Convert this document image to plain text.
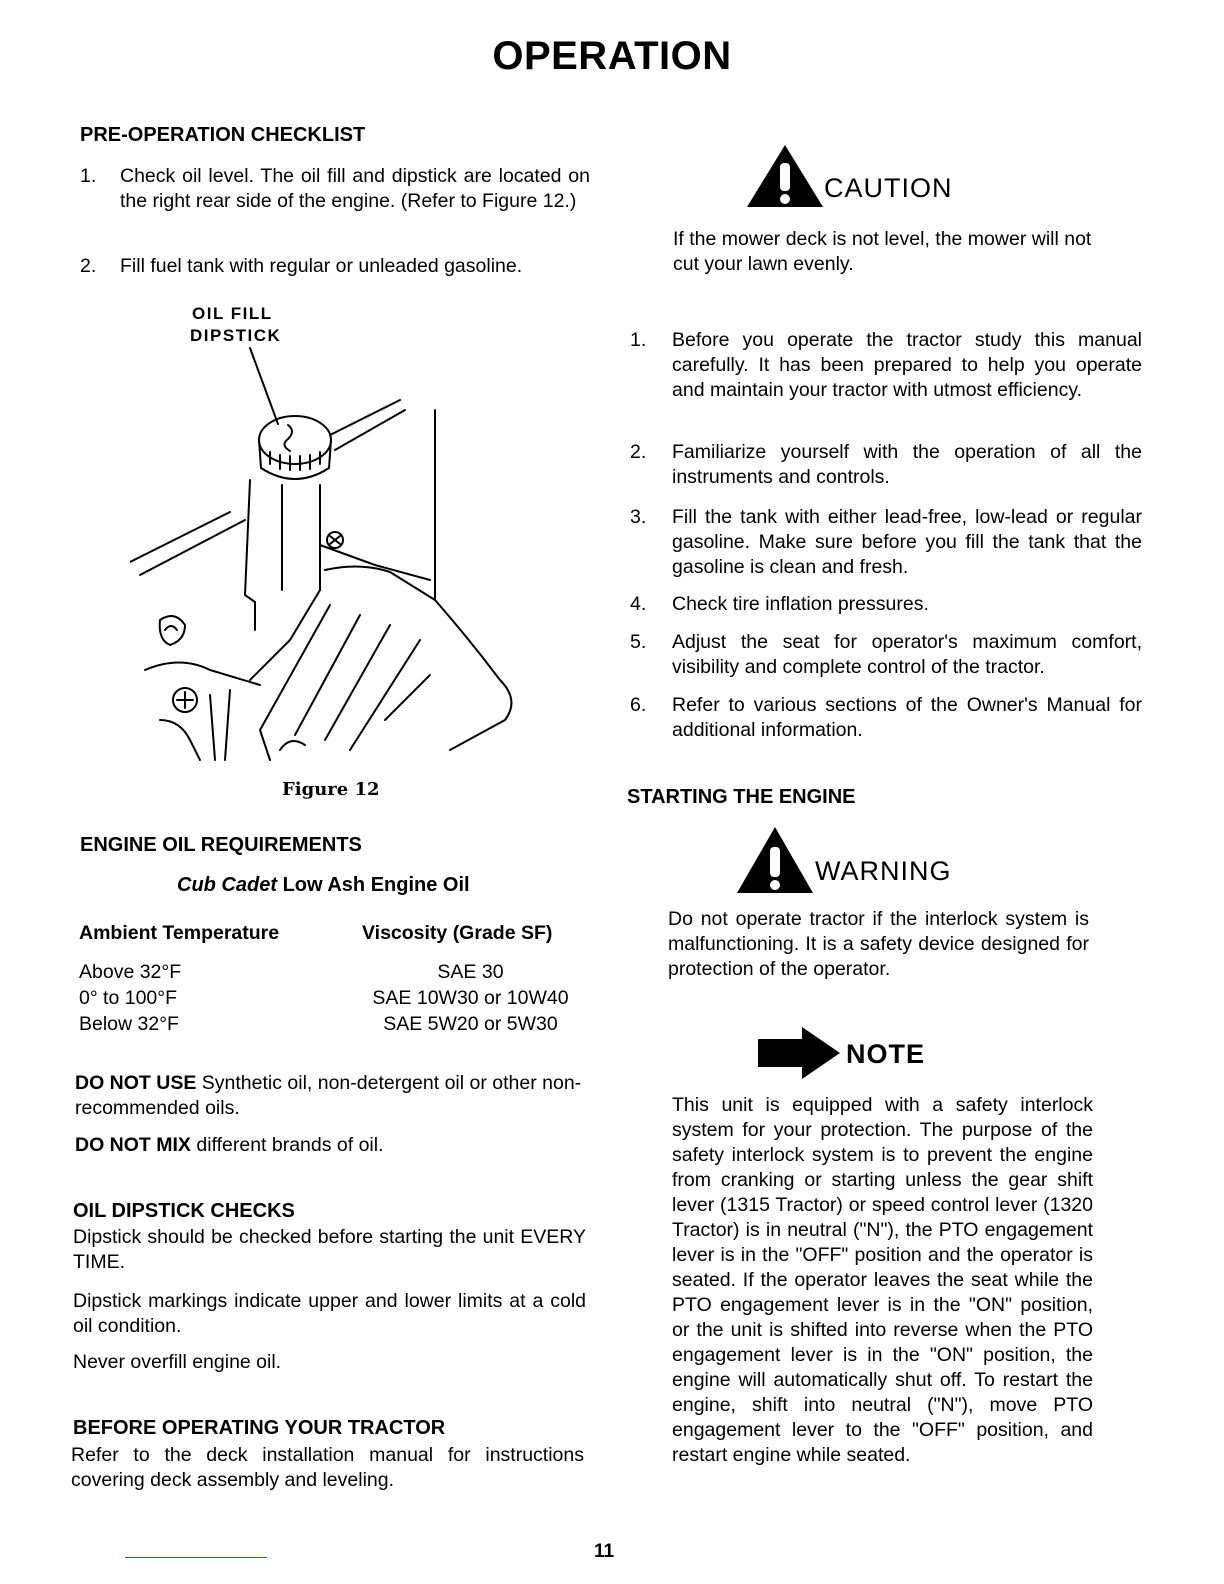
OPERATION
PRE-OPERATION CHECKLIST
1. Check oil level. The oil fill and dipstick are located on the right rear side of the engine. (Refer to Figure 12.)
2. Fill fuel tank with regular or unleaded gasoline.
OIL FILL
DIPSTICK
Figure 12
ENGINE OIL REQUIREMENTS
Cub Cadet Low Ash Engine Oil
Ambient Temperature	Viscosity (Grade SF)
Above 32°F	SAE 30
0° to 100°F	SAE 10W30 or 10W40
Below 32°F	SAE 5W20 or 5W30
DO NOT USE Synthetic oil, non-detergent oil or other non-recommended oils.
DO NOT MIX different brands of oil.
OIL DIPSTICK CHECKS
Dipstick should be checked before starting the unit EVERY TIME.
Dipstick markings indicate upper and lower limits at a cold oil condition.
Never overfill engine oil.
BEFORE OPERATING YOUR TRACTOR
Refer to the deck installation manual for instructions covering deck assembly and leveling.
CAUTION
If the mower deck is not level, the mower will not cut your lawn evenly.
1. Before you operate the tractor study this manual carefully. It has been prepared to help you operate and maintain your tractor with utmost efficiency.
2. Familiarize yourself with the operation of all the instruments and controls.
3. Fill the tank with either lead-free, low-lead or regular gasoline. Make sure before you fill the tank that the gasoline is clean and fresh.
4. Check tire inflation pressures.
5. Adjust the seat for operator's maximum comfort, visibility and complete control of the tractor.
6. Refer to various sections of the Owner's Manual for additional information.
STARTING THE ENGINE
WARNING
Do not operate tractor if the interlock system is malfunctioning. It is a safety device designed for protection of the operator.
NOTE
This unit is equipped with a safety interlock system for your protection. The purpose of the safety interlock system is to prevent the engine from cranking or starting unless the gear shift lever (1315 Tractor) or speed control lever (1320 Tractor) is in neutral ("N"), the PTO engagement lever is in the "OFF" position and the operator is seated. If the operator leaves the seat while the PTO engagement lever is in the "ON" position, or the unit is shifted into reverse when the PTO engagement lever is in the "ON" position, the engine will automatically shut off. To restart the engine, shift into neutral ("N"), move PTO engagement lever to the "OFF" position, and restart engine while seated.
11
